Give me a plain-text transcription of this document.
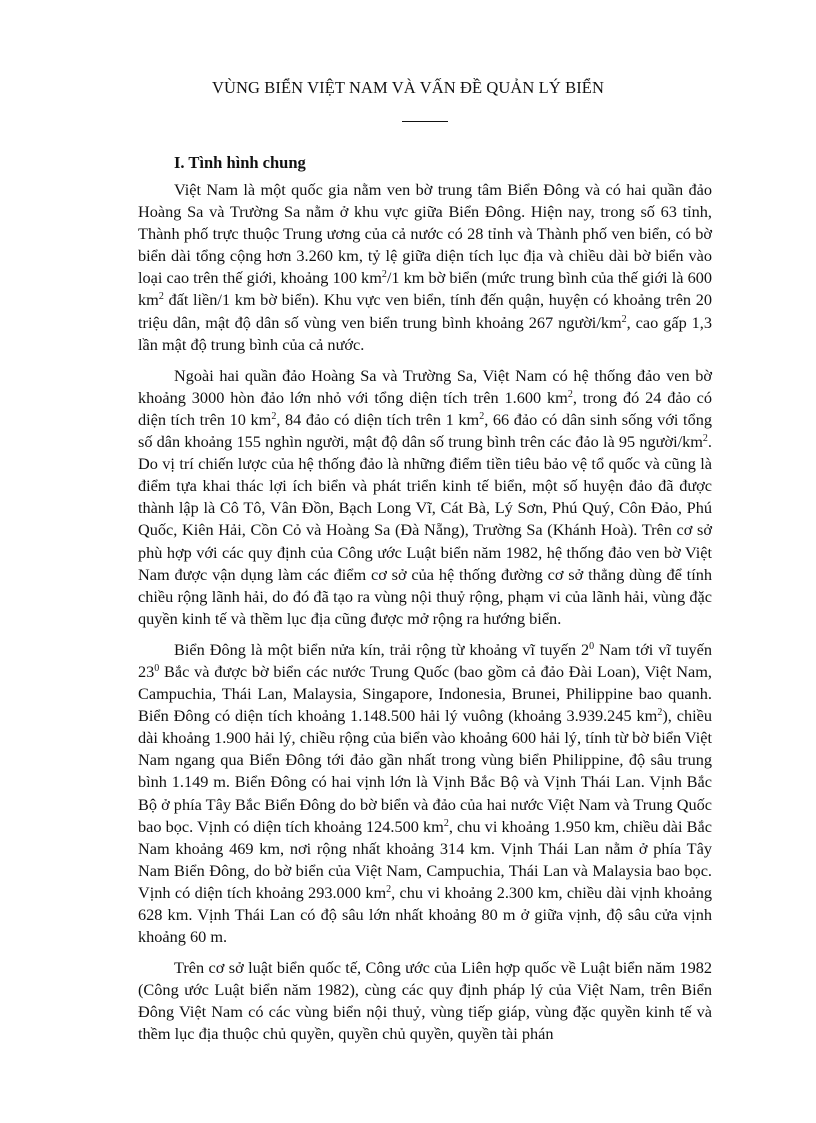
VÙNG BIỂN VIỆT NAM VÀ VẤN ĐỀ QUẢN LÝ BIỂN
I. Tình hình chung

Việt Nam là một quốc gia nằm ven bờ trung tâm Biển Đông và có hai quần đảo Hoàng Sa và Trường Sa nằm ở khu vực giữa Biển Đông. Hiện nay, trong số 63 tỉnh, Thành phố trực thuộc Trung ương của cả nước có 28 tỉnh và Thành phố ven biển, có bờ biển dài tổng cộng hơn 3.260 km, tỷ lệ giữa diện tích lục địa và chiều dài bờ biển vào loại cao trên thế giới, khoảng 100 $km^2/1$ km bờ biển (mức trung bình của thế giới là 600 $km^2$ đất liền/1 km bờ biển). Khu vực ven biển, tính đến quận, huyện có khoảng trên 20 triệu dân, mật độ dân số vùng ven biển trung bình khoảng 267 người/$km^2$, cao gấp 1,3 lần mật độ trung bình của cả nước.

Ngoài hai quần đảo Hoàng Sa và Trường Sa, Việt Nam có hệ thống đảo ven bờ khoảng 3000 hòn đảo lớn nhỏ với tổng diện tích trên 1.600 $km^2$, trong đó 24 đảo có diện tích trên 10 $km^2$, 84 đảo có diện tích trên 1 $km^2$, 66 đảo có dân sinh sống với tổng số dân khoảng 155 nghìn người, mật độ dân số trung bình trên các đảo là 95 người/$km^2$. Do vị trí chiến lược của hệ thống đảo là những điểm tiền tiêu bảo vệ tổ quốc và cũng là điểm tựa khai thác lợi ích biển và phát triển kinh tế biển, một số huyện đảo đã được thành lập là Cô Tô, Vân Đồn, Bạch Long Vĩ, Cát Bà, Lý Sơn, Phú Quý, Côn Đảo, Phú Quốc, Kiên Hải, Cồn Cỏ và Hoàng Sa (Đà Nẵng), Trường Sa (Khánh Hoà). Trên cơ sở phù hợp với các quy định của Công ước Luật biển năm 1982, hệ thống đảo ven bờ Việt Nam được vận dụng làm các điểm cơ sở của hệ thống đường cơ sở thẳng dùng để tính chiều rộng lãnh hải, do đó đã tạo ra vùng nội thuỷ rộng, phạm vi của lãnh hải, vùng đặc quyền kinh tế và thềm lục địa cũng được mở rộng ra hướng biển.

Biển Đông là một biển nửa kín, trải rộng từ khoảng vĩ tuyến $2^0$ Nam tới vĩ tuyến $23^0$ Bắc và được bờ biển các nước Trung Quốc (bao gồm cả đảo Đài Loan), Việt Nam, Campuchia, Thái Lan, Malaysia, Singapore, Indonesia, Brunei, Philippine bao quanh. Biển Đông có diện tích khoảng 1.148.500 hải lý vuông (khoảng 3.939.245 $km^2$), chiều dài khoảng 1.900 hải lý, chiều rộng của biển vào khoảng 600 hải lý, tính từ bờ biển Việt Nam ngang qua Biển Đông tới đảo gần nhất trong vùng biển Philippine, độ sâu trung bình 1.149 m. Biển Đông có hai vịnh lớn là Vịnh Bắc Bộ và Vịnh Thái Lan. Vịnh Bắc Bộ ở phía Tây Bắc Biển Đông do bờ biển và đảo của hai nước Việt Nam và Trung Quốc bao bọc. Vịnh có diện tích khoảng 124.500 $km^2$, chu vi khoảng 1.950 km, chiều dài Bắc Nam khoảng 469 km, nơi rộng nhất khoảng 314 km. Vịnh Thái Lan nằm ở phía Tây Nam Biển Đông, do bờ biển của Việt Nam, Campuchia, Thái Lan và Malaysia bao bọc. Vịnh có diện tích khoảng 293.000 $km^2$, chu vi khoảng 2.300 km, chiều dài vịnh khoảng 628 km. Vịnh Thái Lan có độ sâu lớn nhất khoảng 80 m ở giữa vịnh, độ sâu cửa vịnh khoảng 60 m.

Trên cơ sở luật biển quốc tế, Công ước của Liên hợp quốc về Luật biển năm 1982 (Công ước Luật biển năm 1982), cùng các quy định pháp lý của Việt Nam, trên Biển Đông Việt Nam có các vùng biển nội thuỷ, vùng tiếp giáp, vùng đặc quyền kinh tế và thềm lục địa thuộc chủ quyền, quyền chủ quyền, quyền tài phán
